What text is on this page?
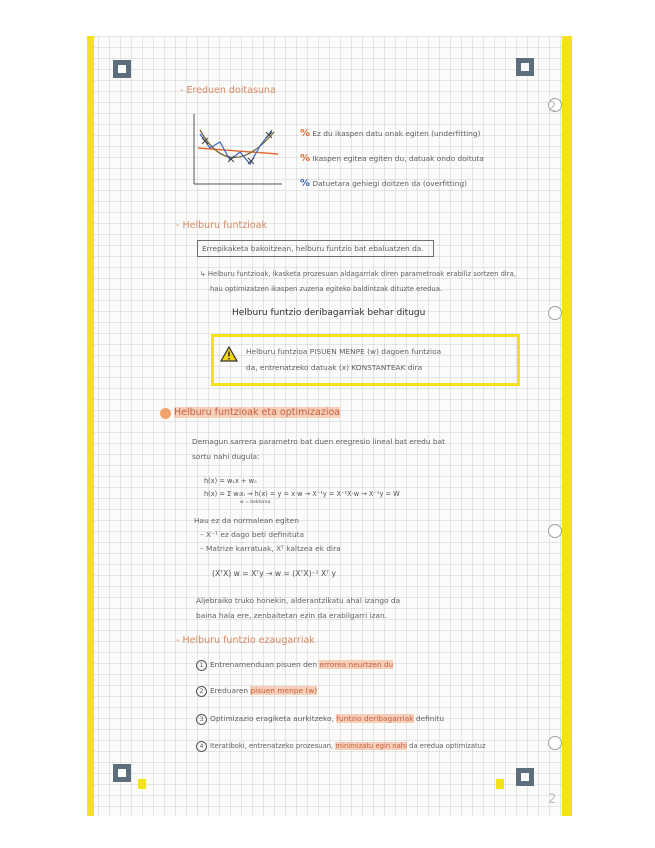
2
2
- Ereduen doitasuna
% Ez du ikaspen datu onak egiten (underfitting)
% Ikaspen egitea egiten du, datuak ondo doituta
% Datuetara gehiegi doitzen da (overfitting)
- Helburu funtzioak
Errepikaketa bakoitzean, helburu funtzio bat ebaluatzen da.
↳ Helburu funtzioak, ikasketa prozesuan aldagarriak diren parametroak erabiliz sortzen dira,
hau optimizatzen ikaspen zuzena egiteko baldintzak dituzte eredua.
Helburu funtzio deribagarriak behar ditugu
Helburu funtzioa PISUEN MENPE (w) dagoen funtzioa
da, entrenatzeko datuak (x) KONSTANTEAK dira
Helburu funtzioak eta optimizazioa
Demagun sarrera parametro bat duen eregresio lineal bat eredu bat
sortu nahi dugula:
h(x) = w₁x + w₀
h(x) = Σ wᵢxᵢ → h(x) = y = x·w → X⁻¹y = X⁻¹X·w → X⁻¹y = W
w = bektorea
Hau ez da normalean egiten
– X⁻¹ ez dago beti definituta
– Matrize karratuak, Xᵀ ​​ka​ltzea​​ ​ek​​ ​dira
(XᵀX) w = Xᵀy → w = (XᵀX)⁻¹ Xᵀ y
Aljebraiko truko honekin, alderantzikatu ahal izango da
baina hala ere, zenbaitetan ezin da erabilgarri izan.
- Helburu funtzio ezaugarriak
1 Entrenamenduan pisuen den errorea neurtzen du
2 Ereduaren pisuen menpe (w)
3 Optimizazio eragiketa aurkitzeko, funtzio deribagarriak definitu
4 Iteratiboki, entrenatzeko prozesuan, minimizatu egin nahi da eredua optimizatuz
